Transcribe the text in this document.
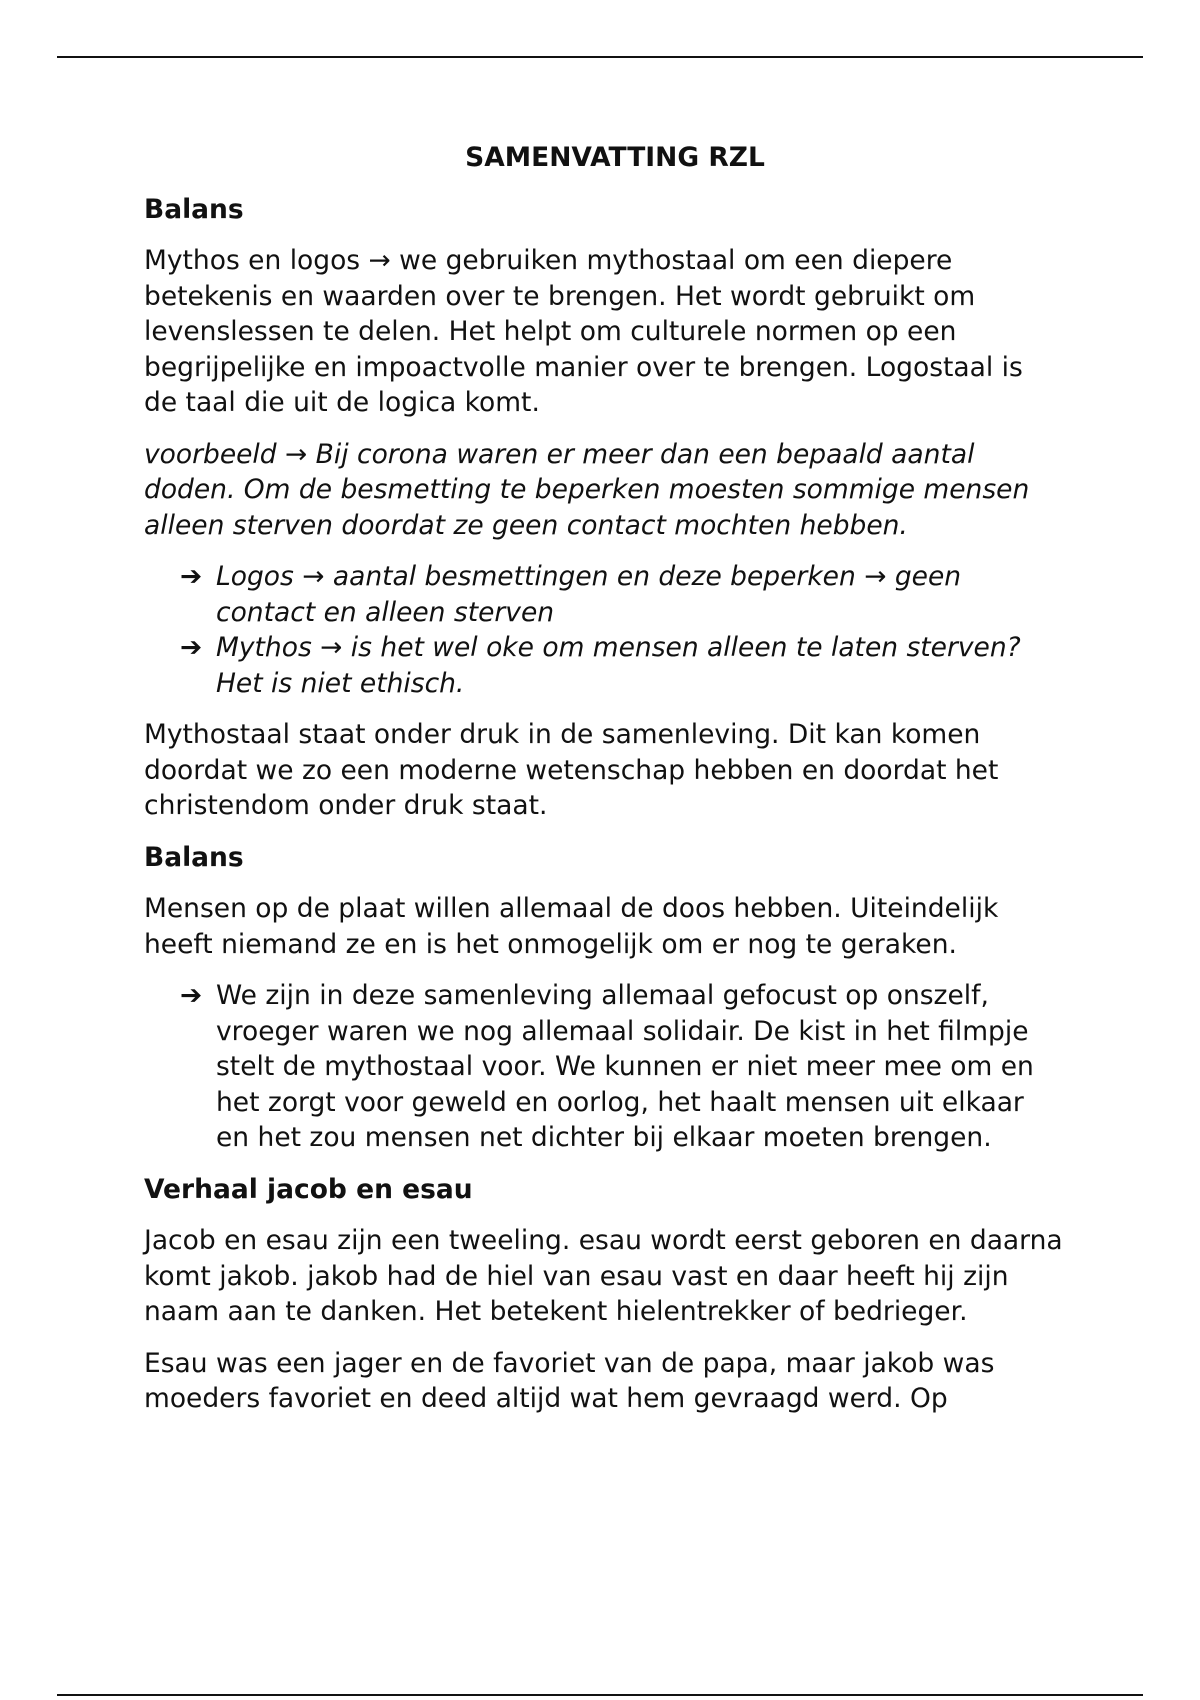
SAMENVATTING RZL
Balans

Mythos en logos → we gebruiken mythostaal om een diepere betekenis en waarden over te brengen. Het wordt gebruikt om levenslessen te delen. Het helpt om culturele normen op een begrijpelijke en impoactvolle manier over te brengen. Logostaal is de taal die uit de logica komt.

voorbeeld → Bij corona waren er meer dan een bepaald aantal doden. Om de besmetting te beperken moesten sommige mensen alleen sterven doordat ze geen contact mochten hebben.

➔ Logos → aantal besmettingen en deze beperken → geen contact en alleen sterven
➔ Mythos → is het wel oke om mensen alleen te laten sterven? Het is niet ethisch.

Mythostaal staat onder druk in de samenleving. Dit kan komen doordat we zo een moderne wetenschap hebben en doordat het christendom onder druk staat.

Balans

Mensen op de plaat willen allemaal de doos hebben. Uiteindelijk heeft niemand ze en is het onmogelijk om er nog te geraken.

➔ We zijn in deze samenleving allemaal gefocust op onszelf, vroeger waren we nog allemaal solidair. De kist in het filmpje stelt de mythostaal voor. We kunnen er niet meer mee om en het zorgt voor geweld en oorlog, het haalt mensen uit elkaar en het zou mensen net dichter bij elkaar moeten brengen.
Verhaal jacob en esau

Jacob en esau zijn een tweeling. esau wordt eerst geboren en daarna komt jakob. jakob had de hiel van esau vast en daar heeft hij zijn naam aan te danken. Het betekent hielentrekker of bedrieger.

Esau was een jager en de favoriet van de papa, maar jakob was moeders favoriet en deed altijd wat hem gevraagd werd. Op
